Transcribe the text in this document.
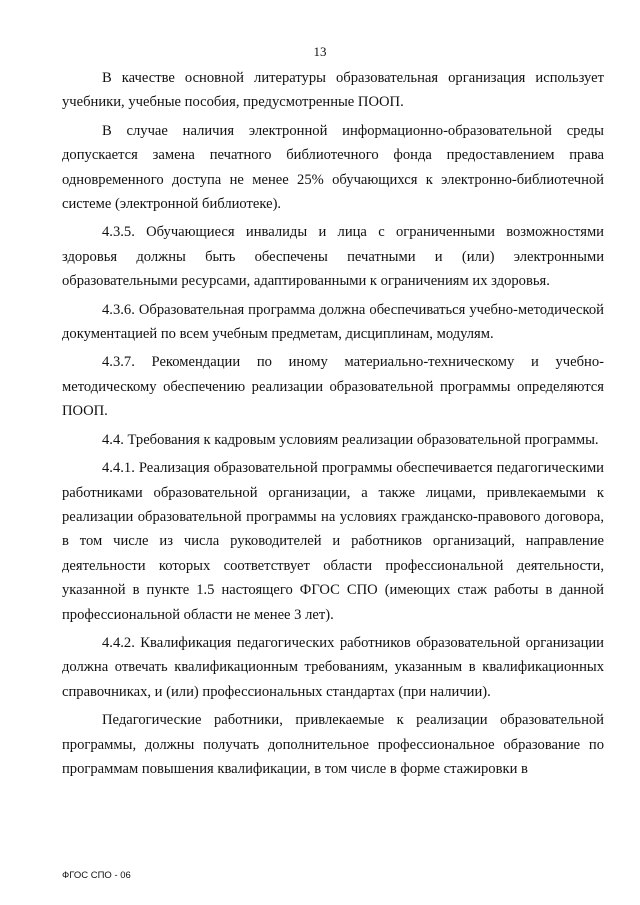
13

В качестве основной литературы образовательная организация использует учебники, учебные пособия, предусмотренные ПООП.

В случае наличия электронной информационно-образовательной среды допускается замена печатного библиотечного фонда предоставлением права одновременного доступа не менее 25% обучающихся к электронно-библиотечной системе (электронной библиотеке).

4.3.5. Обучающиеся инвалиды и лица с ограниченными возможностями здоровья должны быть обеспечены печатными и (или) электронными образовательными ресурсами, адаптированными к ограничениям их здоровья.

4.3.6. Образовательная программа должна обеспечиваться учебно-методической документацией по всем учебным предметам, дисциплинам, модулям.

4.3.7. Рекомендации по иному материально-техническому и учебно-методическому обеспечению реализации образовательной программы определяются ПООП.

4.4. Требования к кадровым условиям реализации образовательной программы.

4.4.1. Реализация образовательной программы обеспечивается педагогическими работниками образовательной организации, а также лицами, привлекаемыми к реализации образовательной программы на условиях гражданско-правового договора, в том числе из числа руководителей и работников организаций, направление деятельности которых соответствует области профессиональной деятельности, указанной в пункте 1.5 настоящего ФГОС СПО (имеющих стаж работы в данной профессиональной области не менее 3 лет).

4.4.2. Квалификация педагогических работников образовательной организации должна отвечать квалификационным требованиям, указанным в квалификационных справочниках, и (или) профессиональных стандартах (при наличии).

Педагогические работники, привлекаемые к реализации образовательной программы, должны получать дополнительное профессиональное образование по программам повышения квалификации, в том числе в форме стажировки в

ФГОС СПО - 06
